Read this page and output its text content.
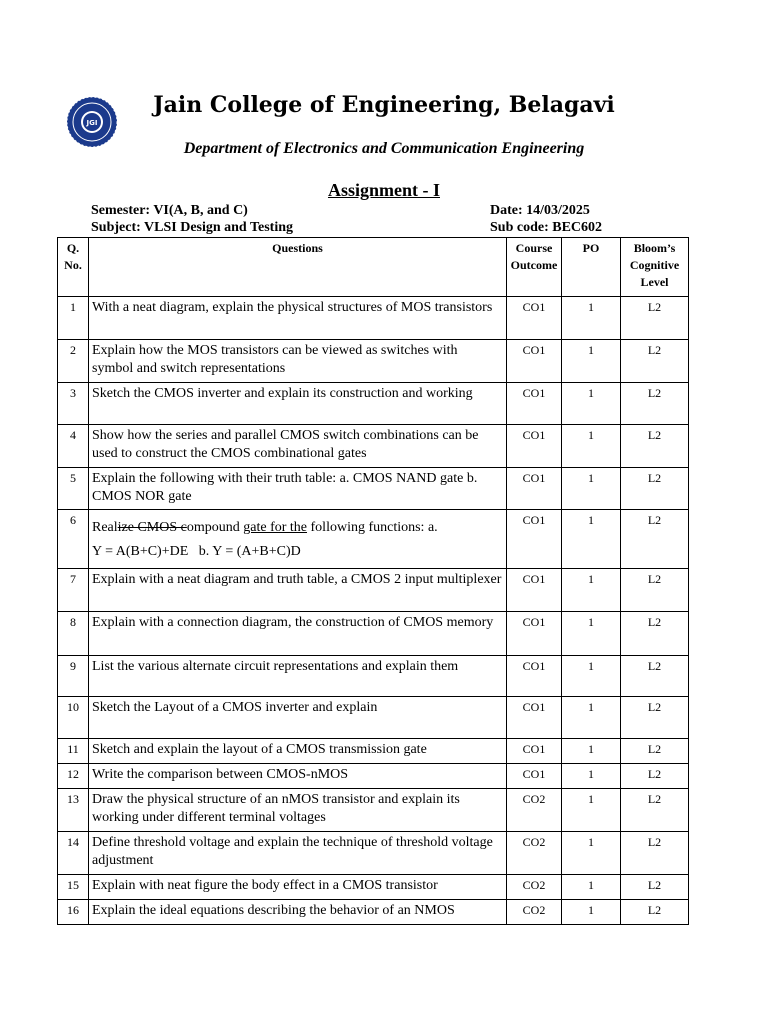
JGI
Jain College of Engineering, Belagavi
Department of Electronics and Communication Engineering
Assignment - I
Semester: VI(A, B, and C)
Subject: VLSI Design and Testing
Date: 14/03/2025
Sub code: BEC602
Q. No.	Questions	Course Outcome	PO	Bloom’s Cognitive Level
1	With a neat diagram, explain the physical structures of MOS transistors	CO1	1	L2
2	Explain how the MOS transistors can be viewed as switches with symbol and switch representations	CO1	1	L2
3	Sketch the CMOS inverter and explain its construction and working	CO1	1	L2
4	Show how the series and parallel CMOS switch combinations can be used to construct the CMOS combinational gates	CO1	1	L2
5	Explain the following with their truth table: a. CMOS NAND gate b. CMOS NOR gate	CO1	1	L2
6	Realize CMOS compound gate for the following functions: a.
Y = A(B+C)+DE   b. Y = (A+B+C)D	CO1	1	L2
7	Explain with a neat diagram and truth table, a CMOS 2 input multiplexer	CO1	1	L2
8	Explain with a connection diagram, the construction of CMOS memory	CO1	1	L2
9	List the various alternate circuit representations and explain them	CO1	1	L2
10	Sketch the Layout of a CMOS inverter and explain	CO1	1	L2
11	Sketch and explain the layout of a CMOS transmission gate	CO1	1	L2
12	Write the comparison between CMOS-nMOS	CO1	1	L2
13	Draw the physical structure of an nMOS transistor and explain its working under different terminal voltages	CO2	1	L2
14	Define threshold voltage and explain the technique of threshold voltage adjustment	CO2	1	L2
15	Explain with neat figure the body effect in a CMOS transistor	CO2	1	L2
16	Explain the ideal equations describing the behavior of an NMOS	CO2	1	L2
